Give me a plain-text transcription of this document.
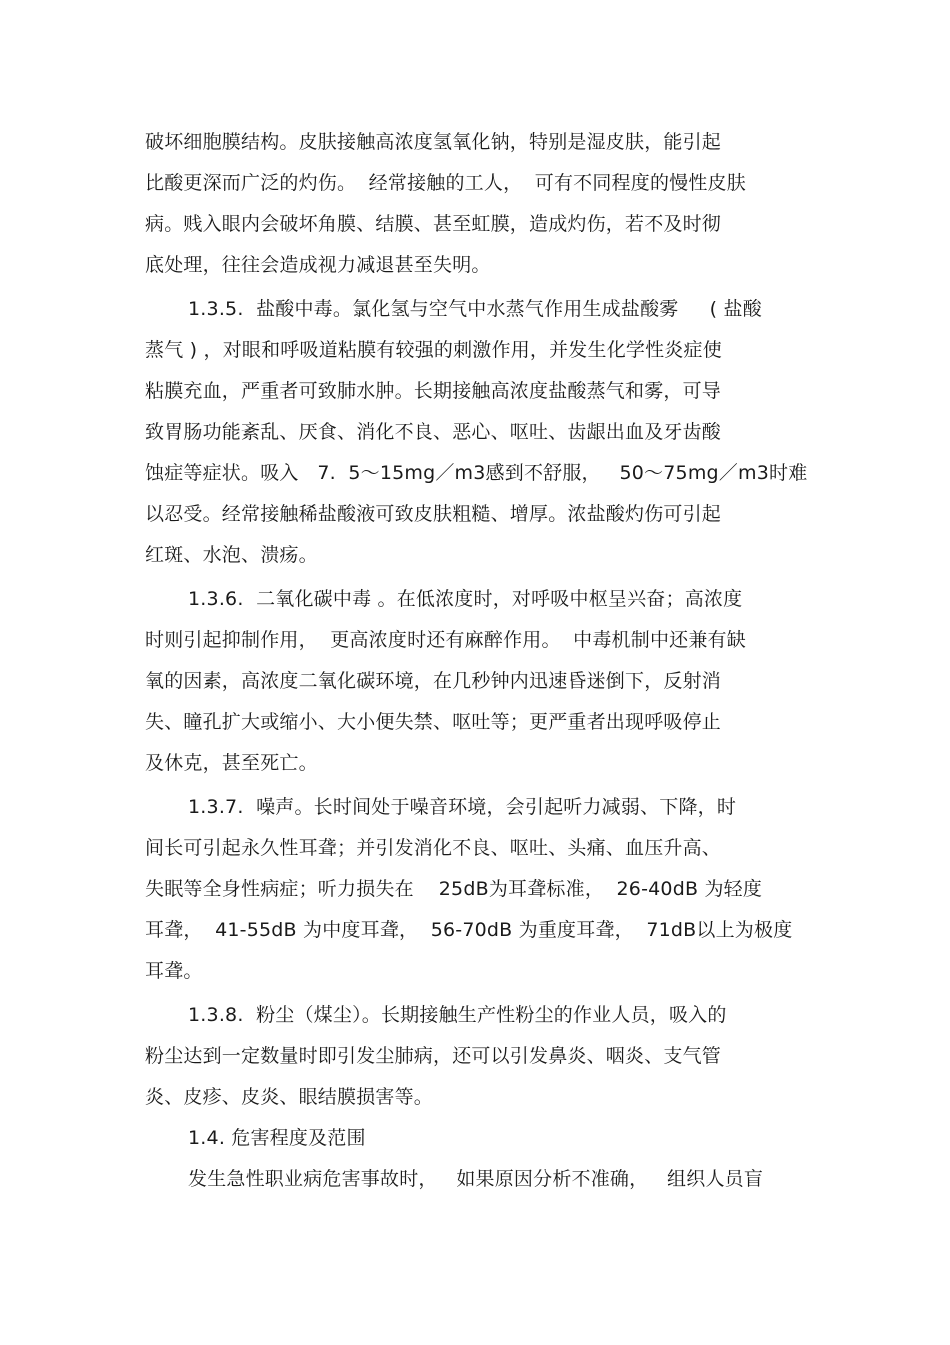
破坏细胞膜结构。皮肤接触高浓度氢氧化钠，特别是湿皮肤，能引起
比酸更深而广泛的灼伤。  经常接触的工人，  可有不同程度的慢性皮肤
病。贱入眼内会破坏角膜、结膜、甚至虹膜，造成灼伤，若不及时彻
底处理，往往会造成视力减退甚至失明。
1.3.5.  盐酸中毒。氯化氢与空气中水蒸气作用生成盐酸雾     ( 盐酸
蒸气 ) ，对眼和呼吸道粘膜有较强的刺激作用，并发生化学性炎症使
粘膜充血，严重者可致肺水肿。长期接触高浓度盐酸蒸气和雾，可导
致胃肠功能紊乱、厌食、消化不良、恶心、呕吐、齿龈出血及牙齿酸
蚀症等症状。吸入   7.  5～15mg／m3感到不舒服，   50～75mg／m3时难
以忍受。经常接触稀盐酸液可致皮肤粗糙、增厚。浓盐酸灼伤可引起
红斑、水泡、溃疡。
1.3.6.  二氧化碳中毒 。在低浓度时，对呼吸中枢呈兴奋；高浓度
时则引起抑制作用，  更高浓度时还有麻醉作用。  中毒机制中还兼有缺
氧的因素，高浓度二氧化碳环境，在几秒钟内迅速昏迷倒下，反射消
失、瞳孔扩大或缩小、大小便失禁、呕吐等；更严重者出现呼吸停止
及休克，甚至死亡。
1.3.7.  噪声。长时间处于噪音环境，会引起听力减弱、下降，时
间长可引起永久性耳聋；并引发消化不良、呕吐、头痛、血压升高、
失眠等全身性病症；听力损失在    25dB为耳聋标准，  26-40dB 为轻度
耳聋，  41-55dB 为中度耳聋，  56-70dB 为重度耳聋，  71dB以上为极度
耳聋。
1.3.8.  粉尘（煤尘）。长期接触生产性粉尘的作业人员，吸入的
粉尘达到一定数量时即引发尘肺病，还可以引发鼻炎、咽炎、支气管
炎、皮疹、皮炎、眼结膜损害等。
1.4. 危害程度及范围
发生急性职业病危害事故时，   如果原因分析不准确，   组织人员盲
